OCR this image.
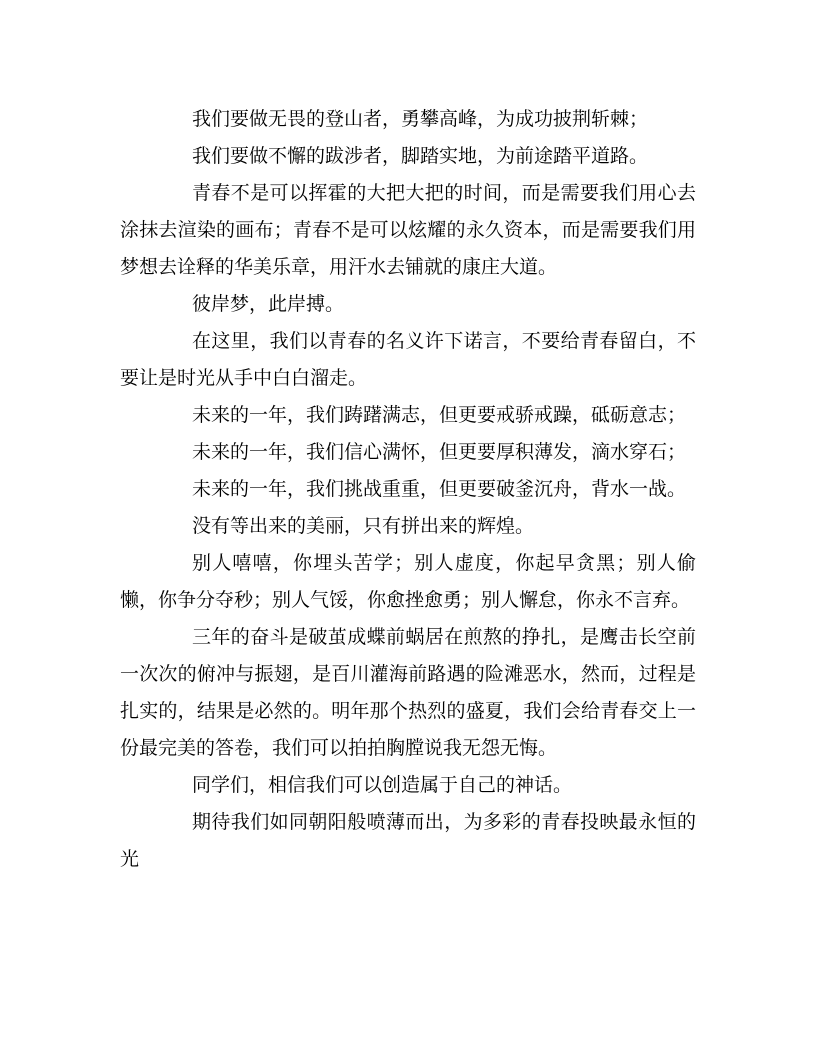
我们要做无畏的登山者，勇攀高峰，为成功披荆斩棘；

我们要做不懈的跋涉者，脚踏实地，为前途踏平道路。

青春不是可以挥霍的大把大把的时间，而是需要我们用心去涂抹去渲染的画布；青春不是可以炫耀的永久资本，而是需要我们用梦想去诠释的华美乐章，用汗水去铺就的康庄大道。

彼岸梦，此岸搏。

在这里，我们以青春的名义许下诺言，不要给青春留白，不要让是时光从手中白白溜走。

未来的一年，我们踌躇满志，但更要戒骄戒躁，砥砺意志；

未来的一年，我们信心满怀，但更要厚积薄发，滴水穿石；

未来的一年，我们挑战重重，但更要破釜沉舟，背水一战。

没有等出来的美丽，只有拼出来的辉煌。

别人嘻嘻，你埋头苦学；别人虚度，你起早贪黑；别人偷懒，你争分夺秒；别人气馁，你愈挫愈勇；别人懈怠，你永不言弃。

三年的奋斗是破茧成蝶前蜗居在煎熬的挣扎，是鹰击长空前一次次的俯冲与振翅，是百川灌海前路遇的险滩恶水，然而，过程是扎实的，结果是必然的。明年那个热烈的盛夏，我们会给青春交上一份最完美的答卷，我们可以拍拍胸膛说我无怨无悔。

同学们，相信我们可以创造属于自己的神话。

期待我们如同朝阳般喷薄而出，为多彩的青春投映最永恒的光
